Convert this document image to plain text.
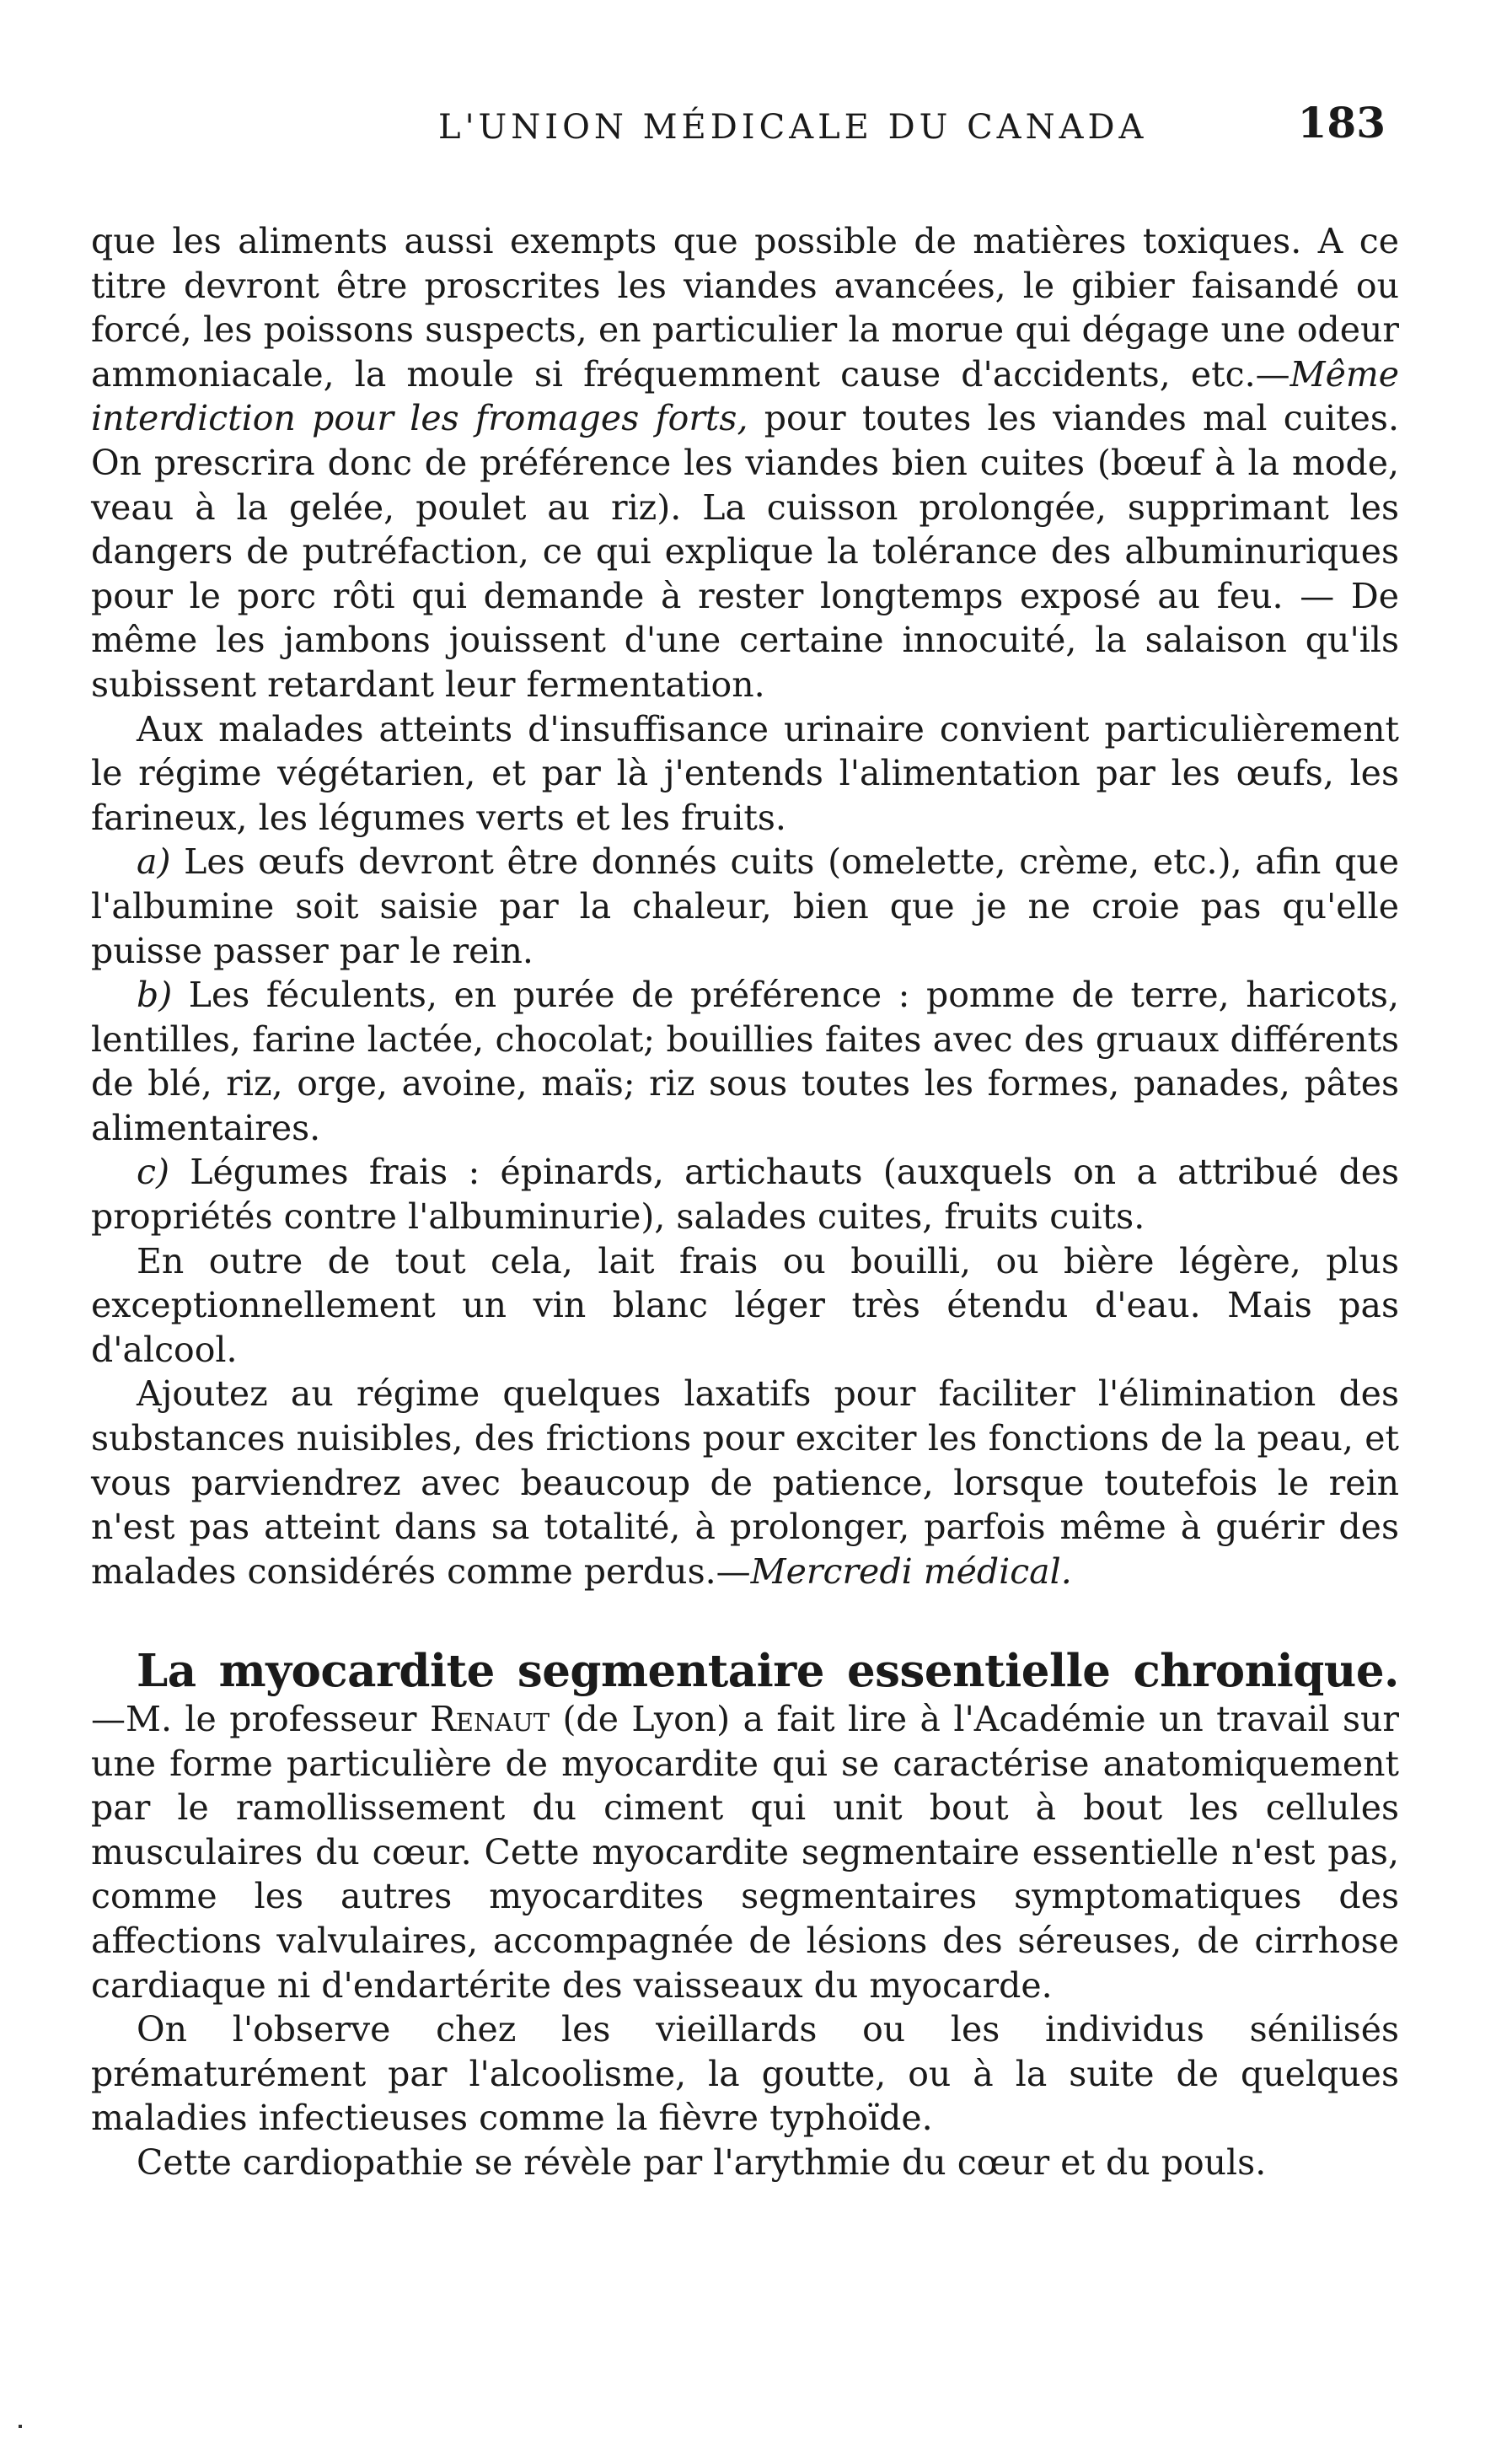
L'UNION MÉDICALE DU CANADA	183

que les aliments aussi exempts que possible de matières toxiques. A ce titre devront être proscrites les viandes avancées, le gibier faisandé ou forcé, les poissons suspects, en particulier la morue qui dégage une odeur ammoniacale, la moule si fréquemment cause d'accidents, etc.—Même interdiction pour les fromages forts, pour toutes les viandes mal cuites. On prescrira donc de préférence les viandes bien cuites (bœuf à la mode, veau à la gelée, poulet au riz). La cuisson prolongée, supprimant les dangers de putréfaction, ce qui explique la tolérance des albuminuriques pour le porc rôti qui demande à rester longtemps exposé au feu. — De même les jambons jouissent d'une certaine innocuité, la salaison qu'ils subissent retardant leur fermentation.

Aux malades atteints d'insuffisance urinaire convient particulièrement le régime végétarien, et par là j'entends l'alimentation par les œufs, les farineux, les légumes verts et les fruits.

a) Les œufs devront être donnés cuits (omelette, crème, etc.), afin que l'albumine soit saisie par la chaleur, bien que je ne croie pas qu'elle puisse passer par le rein.

b) Les féculents, en purée de préférence : pomme de terre, haricots, lentilles, farine lactée, chocolat; bouillies faites avec des gruaux différents de blé, riz, orge, avoine, maïs; riz sous toutes les formes, panades, pâtes alimentaires.

c) Légumes frais : épinards, artichauts (auxquels on a attribué des propriétés contre l'albuminurie), salades cuites, fruits cuits.

En outre de tout cela, lait frais ou bouilli, ou bière légère, plus exceptionnellement un vin blanc léger très étendu d'eau. Mais pas d'alcool.

Ajoutez au régime quelques laxatifs pour faciliter l'élimination des substances nuisibles, des frictions pour exciter les fonctions de la peau, et vous parviendrez avec beaucoup de patience, lorsque toutefois le rein n'est pas atteint dans sa totalité, à prolonger, parfois même à guérir des malades considérés comme perdus.—Mercredi médical.

La myocardite segmentaire essentielle chronique.—M. le professeur Renaut (de Lyon) a fait lire à l'Académie un travail sur une forme particulière de myocardite qui se caractérise anatomiquement par le ramollissement du ciment qui unit bout à bout les cellules musculaires du cœur. Cette myocardite segmentaire essentielle n'est pas, comme les autres myocardites segmentaires symptomatiques des affections valvulaires, accompagnée de lésions des séreuses, de cirrhose cardiaque ni d'endartérite des vaisseaux du myocarde.

On l'observe chez les vieillards ou les individus sénilisés prématurément par l'alcoolisme, la goutte, ou à la suite de quelques maladies infectieuses comme la fièvre typhoïde.

Cette cardiopathie se révèle par l'arythmie du cœur et du pouls.
